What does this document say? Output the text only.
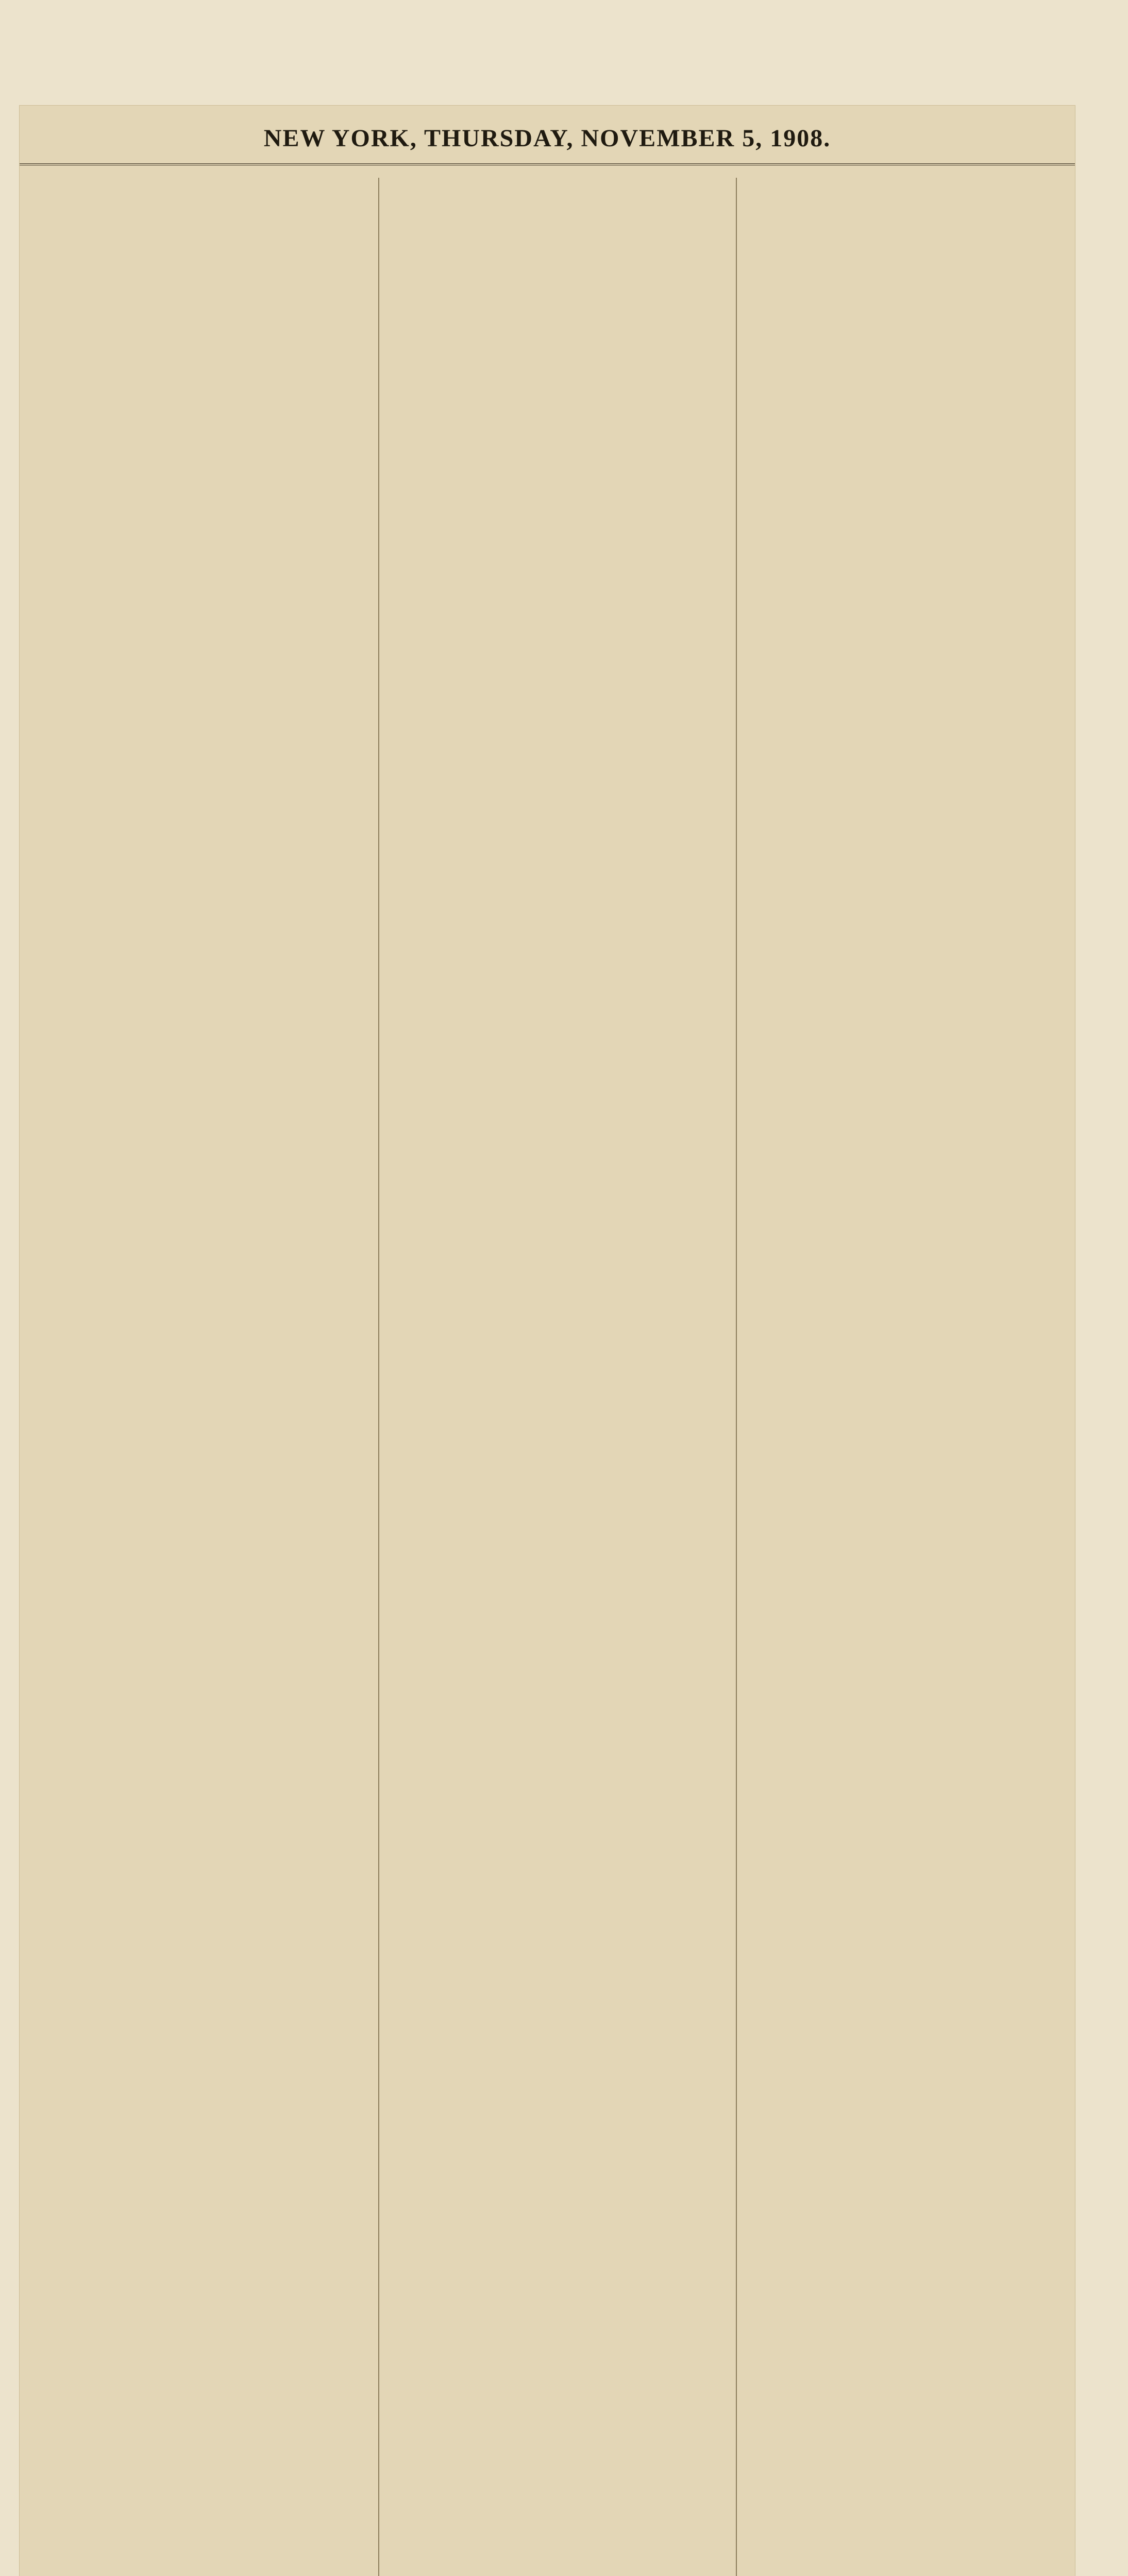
NEW YORK, THURSDAY, NOVEMBER 5, 1908.
